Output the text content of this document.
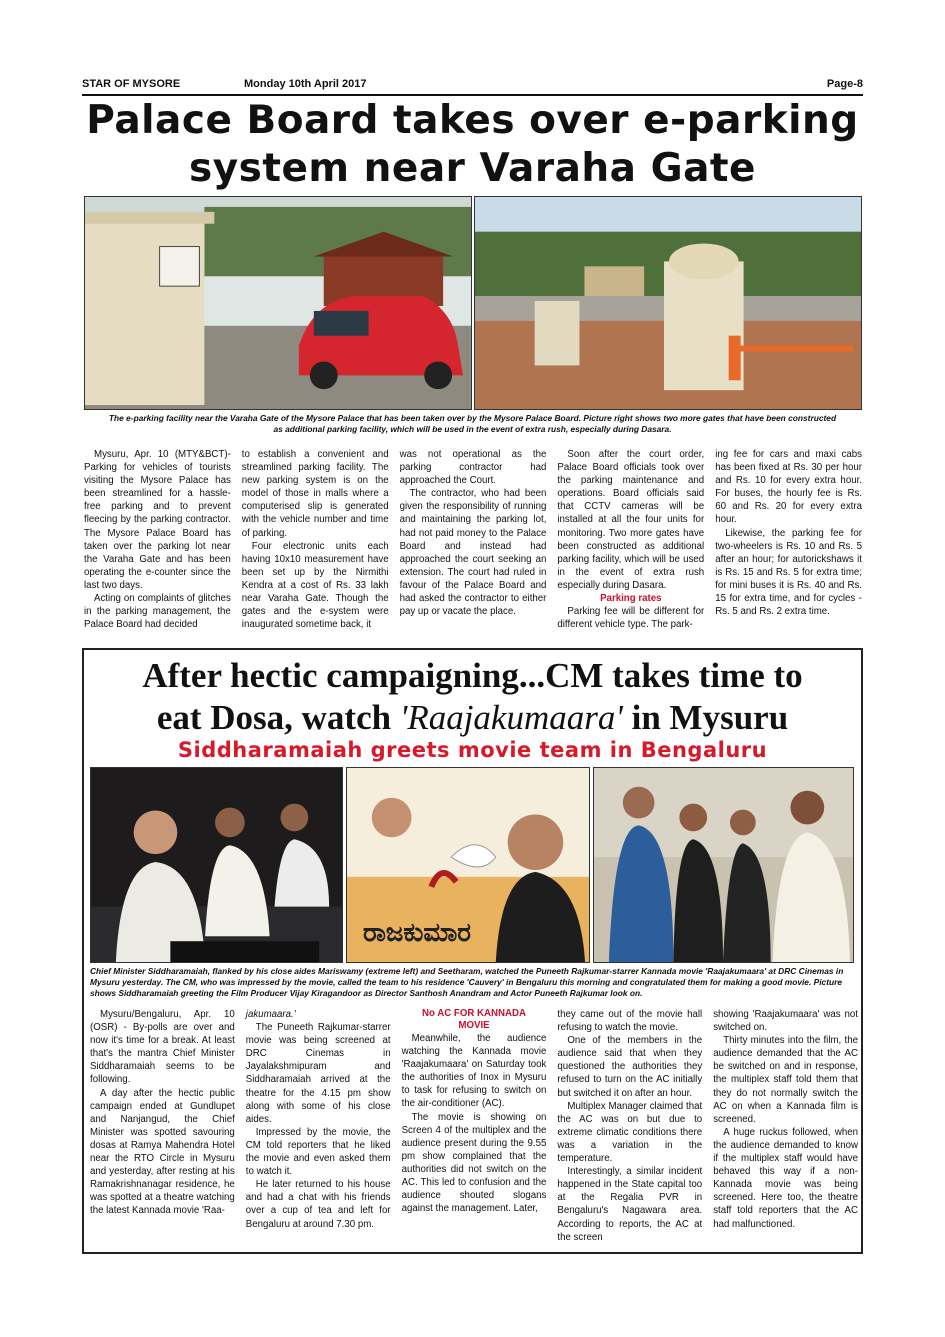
STAR OF MYSORE	Monday 10th April 2017	Page-8
Palace Board takes over e-parking
system near Varaha Gate
The e-parking facility near the Varaha Gate of the Mysore Palace that has been taken over by the Mysore Palace Board. Picture right shows two more gates that have been constructed
as additional parking facility, which will be used in the event of extra rush, especially during Dasara.

Mysuru, Apr. 10 (MTY&BCT)- Parking for vehicles of tourists visiting the Mysore Palace has been streamlined for a hassle-free parking and to prevent fleecing by the parking contractor. The Mysore Palace Board has taken over the parking lot near the Varaha Gate and has been operating the e-counter since the last two days.

Acting on complaints of glitches in the parking management, the Palace Board had decided

to establish a convenient and streamlined parking facility. The new parking system is on the model of those in malls where a computerised slip is generated with the vehicle number and time of parking.

Four electronic units each having 10x10 measurement have been set up by the Nirmithi Kendra at a cost of Rs. 33 lakh near Varaha Gate. Though the gates and the e-system were inaugurated sometime back, it

was not operational as the parking contractor had approached the Court.

The contractor, who had been given the responsibility of running and maintaining the parking lot, had not paid money to the Palace Board and instead had approached the court seeking an extension. The court had ruled in favour of the Palace Board and had asked the contractor to either pay up or vacate the place.

Soon after the court order, Palace Board officials took over the parking maintenance and operations. Board officials said that CCTV cameras will be installed at all the four units for monitoring. Two more gates have been constructed as additional parking facility, which will be used in the event of extra rush especially during Dasara.

Parking rates

Parking fee will be different for different vehicle type. The park-

ing fee for cars and maxi cabs has been fixed at Rs. 30 per hour and Rs. 10 for every extra hour. For buses, the hourly fee is Rs. 60 and Rs. 20 for every extra hour.

Likewise, the parking fee for two-wheelers is Rs. 10 and Rs. 5 after an hour; for autorickshaws it is Rs. 15 and Rs. 5 for extra time; for mini buses it is Rs. 40 and Rs. 15 for extra time, and for cycles - Rs. 5 and Rs. 2 extra time.

After hectic campaigning...CM takes time to
eat Dosa, watch 'Raajakumaara' in Mysuru
Siddharamaiah greets movie team in Bengaluru
ರಾಜಕುಮಾರ
Chief Minister Siddharamaiah, flanked by his close aides Mariswamy (extreme left) and Seetharam, watched the Puneeth Rajkumar-starrer Kannada movie 'Raajakumaara' at DRC Cinemas in Mysuru yesterday. The CM, who was impressed by the movie, called the team to his residence 'Cauvery' in Bengaluru this morning and congratulated them for making a good movie. Picture shows Siddharamaiah greeting the Film Producer Vijay Kiragandoor as Director Santhosh Anandram and Actor Puneeth Rajkumar look on.

Mysuru/Bengaluru, Apr. 10 (OSR) - By-polls are over and now it's time for a break. At least that's the mantra Chief Minister Siddharamaiah seems to be following.

A day after the hectic public campaign ended at Gundlupet and Nanjangud, the Chief Minister was spotted savouring dosas at Ramya Mahendra Hotel near the RTO Circle in Mysuru and yesterday, after resting at his Ramakrishnanagar residence, he was spotted at a theatre watching the latest Kannada movie 'Raa-

jakumaara.'

The Puneeth Rajkumar-starrer movie was being screened at DRC Cinemas in Jayalakshmipuram and Siddharamaiah arrived at the theatre for the 4.15 pm show along with some of his close aides.

Impressed by the movie, the CM told reporters that he liked the movie and even asked them to watch it.

He later returned to his house and had a chat with his friends over a cup of tea and left for Bengaluru at around 7.30 pm.

No AC FOR KANNADA

MOVIE

Meanwhile, the audience watching the Kannada movie 'Raajakumaara' on Saturday took the authorities of Inox in Mysuru to task for refusing to switch on the air-conditioner (AC).

The movie is showing on Screen 4 of the multiplex and the audience present during the 9.55 pm show complained that the authorities did not switch on the AC. This led to confusion and the audience shouted slogans against the management. Later,

they came out of the movie hall refusing to watch the movie.

One of the members in the audience said that when they questioned the authorities they refused to turn on the AC initially but switched it on after an hour.

Multiplex Manager claimed that the AC was on but due to extreme climatic conditions there was a variation in the temperature.

Interestingly, a similar incident happened in the State capital too at the Regalia PVR in Bengaluru's Nagawara area. According to reports, the AC at the screen

showing 'Raajakumaara' was not switched on.

Thirty minutes into the film, the audience demanded that the AC be switched on and in response, the multiplex staff told them that they do not normally switch the AC on when a Kannada film is screened.

A huge ruckus followed, when the audience demanded to know if the multiplex staff would have behaved this way if a non-Kannada movie was being screened. Here too, the theatre staff told reporters that the AC had malfunctioned.
